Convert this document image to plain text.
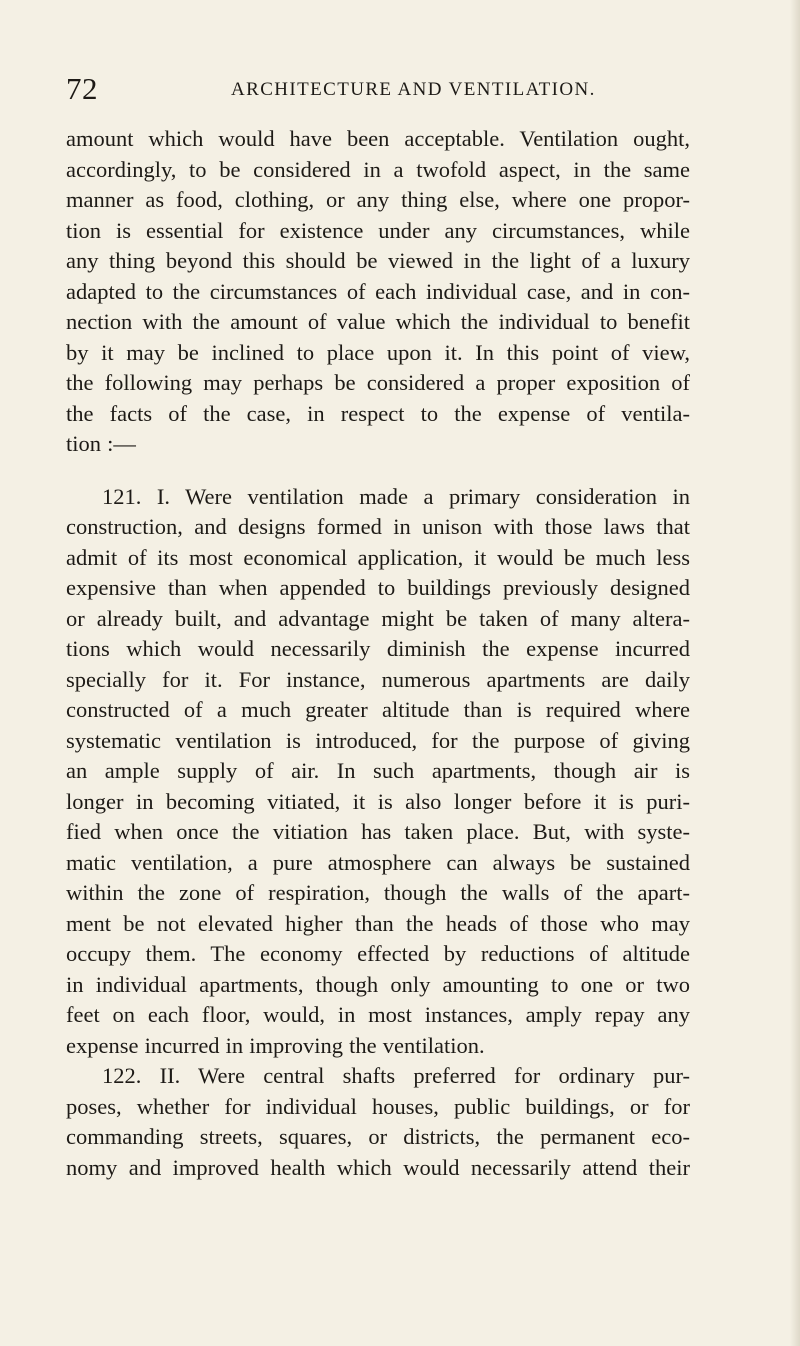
72	ARCHITECTURE AND VENTILATION.
amount which would have been acceptable. Ventilation ought,
accordingly, to be considered in a twofold aspect, in the same
manner as food, clothing, or any thing else, where one propor-
tion is essential for existence under any circumstances, while
any thing beyond this should be viewed in the light of a luxury
adapted to the circumstances of each individual case, and in con-
nection with the amount of value which the individual to benefit
by it may be inclined to place upon it. In this point of view,
the following may perhaps be considered a proper exposition of
the facts of the case, in respect to the expense of ventila-
tion :—
121. I. Were ventilation made a primary consideration in
construction, and designs formed in unison with those laws that
admit of its most economical application, it would be much less
expensive than when appended to buildings previously designed
or already built, and advantage might be taken of many altera-
tions which would necessarily diminish the expense incurred
specially for it. For instance, numerous apartments are daily
constructed of a much greater altitude than is required where
systematic ventilation is introduced, for the purpose of giving
an ample supply of air. In such apartments, though air is
longer in becoming vitiated, it is also longer before it is puri-
fied when once the vitiation has taken place. But, with syste-
matic ventilation, a pure atmosphere can always be sustained
within the zone of respiration, though the walls of the apart-
ment be not elevated higher than the heads of those who may
occupy them. The economy effected by reductions of altitude
in individual apartments, though only amounting to one or two
feet on each floor, would, in most instances, amply repay any
expense incurred in improving the ventilation.
122. II. Were central shafts preferred for ordinary pur-
poses, whether for individual houses, public buildings, or for
commanding streets, squares, or districts, the permanent eco-
nomy and improved health which would necessarily attend their
